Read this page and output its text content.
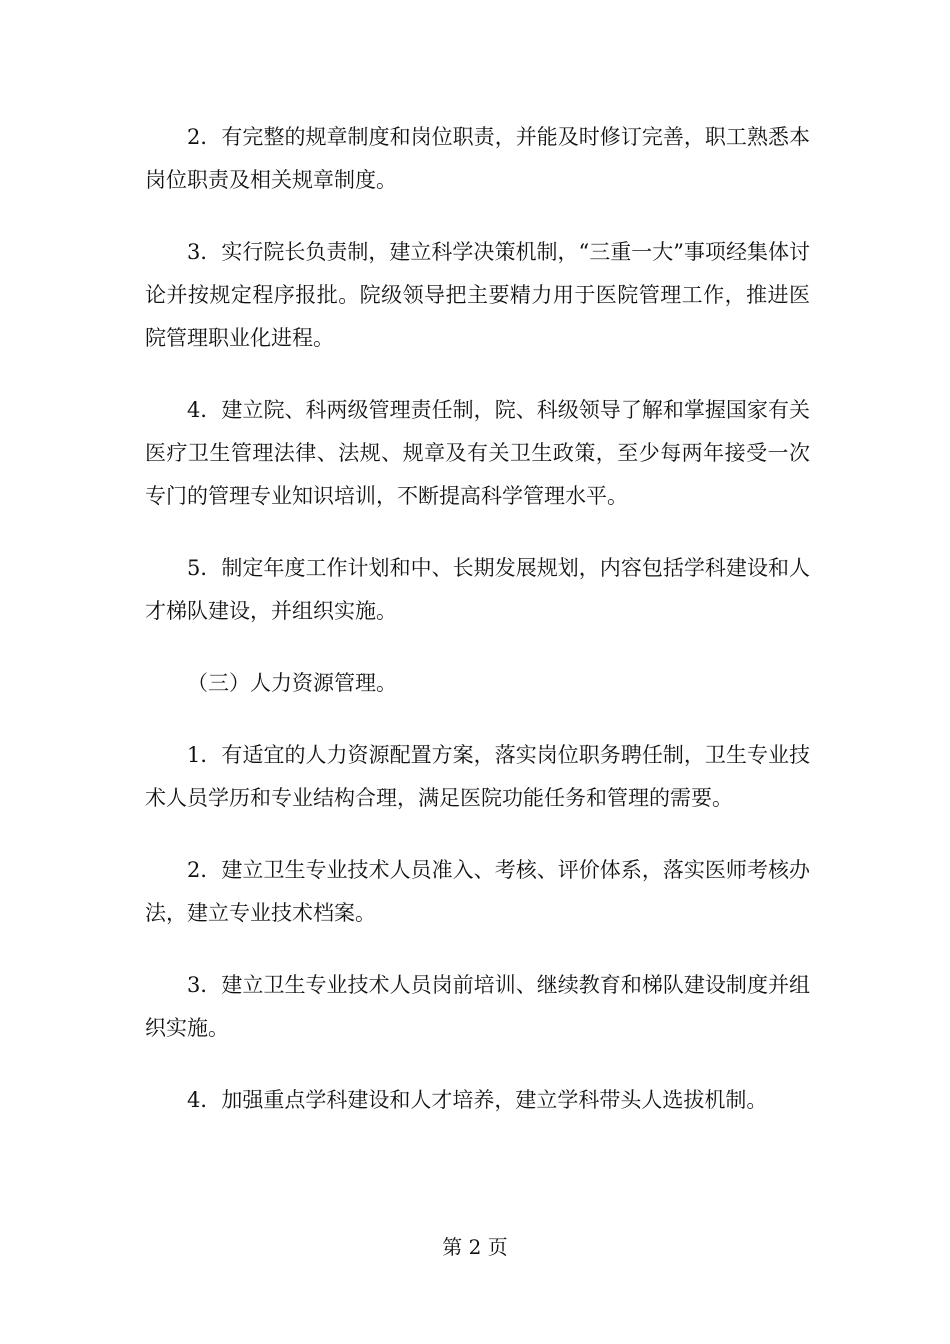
2．有完整的规章制度和岗位职责，并能及时修订完善，职工熟悉本岗位职责及相关规章制度。

3．实行院长负责制，建立科学决策机制，“三重一大”事项经集体讨论并按规定程序报批。院级领导把主要精力用于医院管理工作，推进医院管理职业化进程。

4．建立院、科两级管理责任制，院、科级领导了解和掌握国家有关医疗卫生管理法律、法规、规章及有关卫生政策，至少每两年接受一次专门的管理专业知识培训，不断提高科学管理水平。

5．制定年度工作计划和中、长期发展规划，内容包括学科建设和人才梯队建设，并组织实施。

（三）人力资源管理。

1．有适宜的人力资源配置方案，落实岗位职务聘任制，卫生专业技术人员学历和专业结构合理，满足医院功能任务和管理的需要。

2．建立卫生专业技术人员准入、考核、评价体系，落实医师考核办法，建立专业技术档案。

3．建立卫生专业技术人员岗前培训、继续教育和梯队建设制度并组织实施。

4．加强重点学科建设和人才培养，建立学科带头人选拔机制。

第 2 页
